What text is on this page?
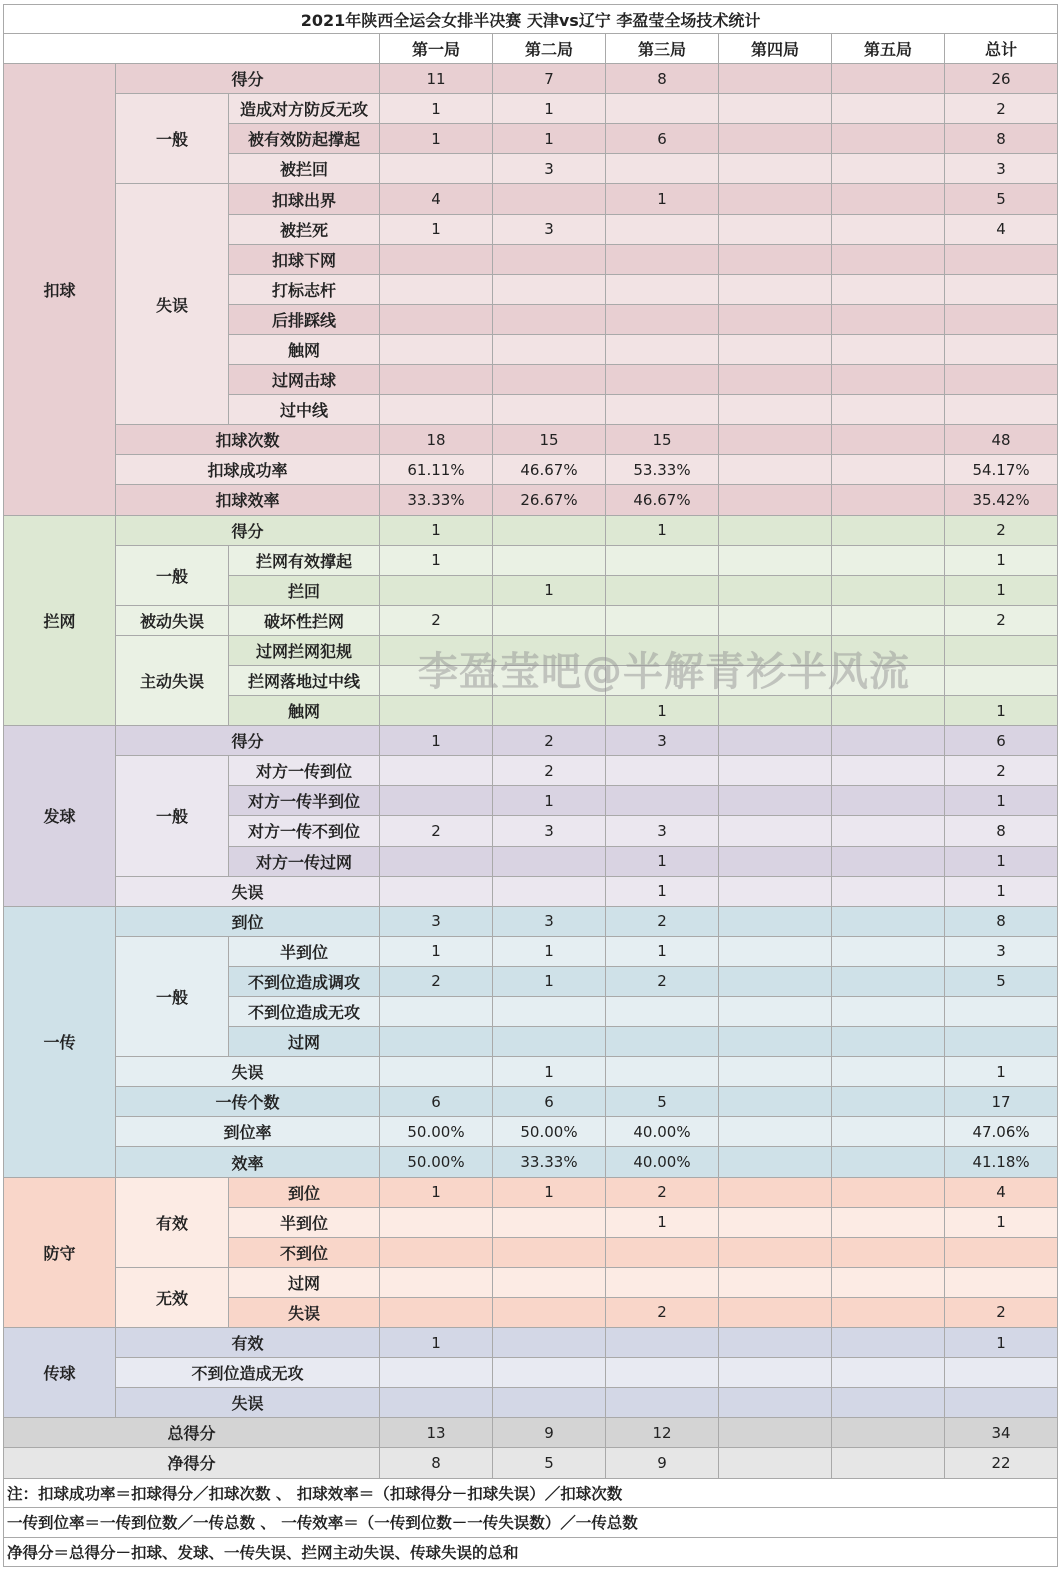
2021年陕西全运会女排半决赛 天津vs辽宁 李盈莹全场技术统计								
			第一局	第二局	第三局	第四局	第五局	总计
扣球	得分		11	7	8			26
	一般	造成对方防反无攻	1	1				2
		被有效防起撑起	1	1	6			8
		被拦回		3				3
	失误	扣球出界	4		1			5
		被拦死	1	3				4
		扣球下网						
		打标志杆						
		后排踩线						
		触网						
		过网击球						
		过中线						
	扣球次数		18	15	15			48
	扣球成功率		61.11%	46.67%	53.33%			54.17%
	扣球效率		33.33%	26.67%	46.67%			35.42%
拦网	得分		1		1			2
	一般	拦网有效撑起	1					1
		拦回		1				1
	被动失误	破坏性拦网	2					2
	主动失误	过网拦网犯规						
		拦网落地过中线						
		触网			1			1
发球	得分		1	2	3			6
	一般	对方一传到位		2				2
		对方一传半到位		1				1
		对方一传不到位	2	3	3			8
		对方一传过网			1			1
	失误				1			1
一传	到位		3	3	2			8
	一般	半到位	1	1	1			3
		不到位造成调攻	2	1	2			5
		不到位造成无攻						
		过网						
	失误			1				1
	一传个数		6	6	5			17
	到位率		50.00%	50.00%	40.00%			47.06%
	效率		50.00%	33.33%	40.00%			41.18%
防守	有效	到位	1	1	2			4
		半到位			1			1
		不到位						
	无效	过网						
		失误			2			2
传球	有效		1					1
	不到位造成无攻							
	失误							
总得分			13	9	12			34
净得分			8	5	9			22
注：扣球成功率＝扣球得分／扣球次数 、 扣球效率＝（扣球得分－扣球失误）／扣球次数								
一传到位率＝一传到位数／一传总数 、 一传效率＝（一传到位数－一传失误数）／一传总数								
净得分＝总得分－扣球、发球、一传失误、拦网主动失误、传球失误的总和								
李盈莹吧@半解青衫半风流
